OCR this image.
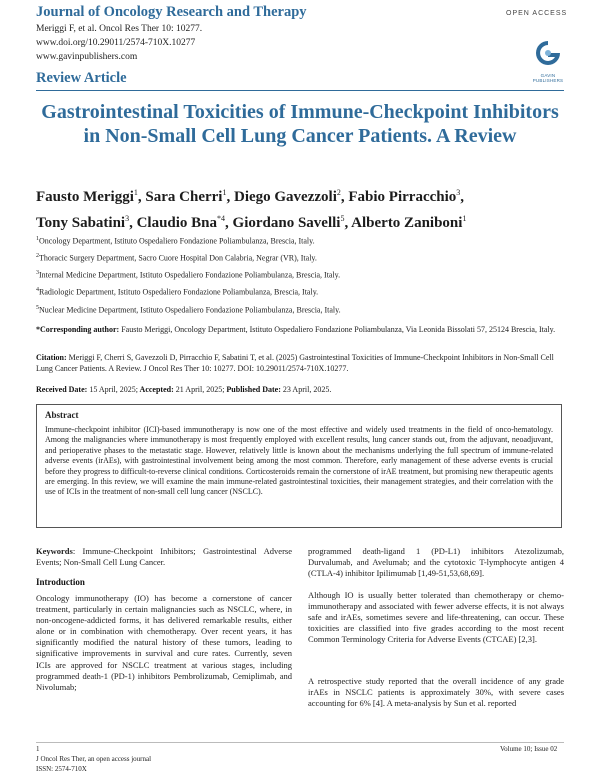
Journal of Oncology Research and Therapy
Meriggi F, et al. Oncol Res Ther 10: 10277.
www.doi.org/10.29011/2574-710X.10277
www.gavinpublishers.com
OPEN ACCESS
GAVIN PUBLISHERS
Review Article
Gastrointestinal Toxicities of Immune-Checkpoint Inhibitors in Non-Small Cell Lung Cancer Patients. A Review
Fausto Meriggi$^1$, Sara Cherri$^1$, Diego Gavezzoli$^2$, Fabio Pirracchio$^3$,
Tony Sabatini$^3$, Claudio Bna$^{*4}$, Giordano Savelli$^5$, Alberto Zaniboni$^1$
$^1$Oncology Department, Istituto Ospedaliero Fondazione Poliambulanza, Brescia, Italy.
$^2$Thoracic Surgery Department, Sacro Cuore Hospital Don Calabria, Negrar (VR), Italy.
$^3$Internal Medicine Department, Istituto Ospedaliero Fondazione Poliambulanza, Brescia, Italy.
$^4$Radiologic Department, Istituto Ospedaliero Fondazione Poliambulanza, Brescia, Italy.
$^5$Nuclear Medicine Department, Istituto Ospedaliero Fondazione Poliambulanza, Brescia, Italy.
*Corresponding author: Fausto Meriggi, Oncology Department, Istituto Ospedaliero Fondazione Poliambulanza, Via Leonida Bissolati 57, 25124 Brescia, Italy.
Citation: Meriggi F, Cherri S, Gavezzoli D, Pirracchio F, Sabatini T, et al. (2025) Gastrointestinal Toxicities of Immune-Checkpoint Inhibitors in Non-Small Cell Lung Cancer Patients. A Review. J Oncol Res Ther 10: 10277. DOI: 10.29011/2574-710X.10277.
Received Date: 15 April, 2025; Accepted: 21 April, 2025; Published Date: 23 April, 2025.
Abstract
Immune-checkpoint inhibitor (ICI)-based immunotherapy is now one of the most effective and widely used treatments in the field of onco-hematology. Among the malignancies where immunotherapy is most frequently employed with excellent results, lung cancer stands out, from the adjuvant, neoadjuvant, and perioperative phases to the metastatic stage. However, relatively little is known about the mechanisms underlying the full spectrum of immune-related adverse events (irAEs), with gastrointestinal involvement being among the most common. Therefore, early management of these adverse events is crucial before they progress to difficult-to-reverse clinical conditions. Corticosteroids remain the cornerstone of irAE treatment, but promising new therapeutic agents are emerging. In this review, we will examine the main immune-related gastrointestinal toxicities, their management strategies, and their correlation with the use of ICIs in the treatment of non-small cell lung cancer (NSCLC).
Keywords: Immune-Checkpoint Inhibitors; Gastrointestinal Adverse Events; Non-Small Cell Lung Cancer.
Introduction
Oncology immunotherapy (IO) has become a cornerstone of cancer treatment, particularly in certain malignancies such as NSCLC, where, in non-oncogene-addicted forms, it has delivered remarkable results, either alone or in combination with chemotherapy. Over recent years, it has significantly modified the natural history of these tumors, leading to significative improvements in survival and cure rates. Currently, seven ICIs are approved for NSCLC treatment at various stages, including programmed death-1 (PD-1) inhibitors Pembrolizumab, Cemiplimab, and Nivolumab;
programmed death-ligand 1 (PD-L1) inhibitors Atezolizumab, Durvalumab, and Avelumab; and the cytotoxic T-lymphocyte antigen 4 (CTLA-4) inhibitor Ipilimumab [1,49-51,53,68,69].
Although IO is usually better tolerated than chemotherapy or chemo-immunotherapy and associated with fewer adverse effects, it is not always safe and irAEs, sometimes severe and life-threatening, can occur. These toxicities are classified into five grades according to the most recent Common Terminology Criteria for Adverse Events (CTCAE) [2,3].
A retrospective study reported that the overall incidence of any grade irAEs in NSCLC patients is approximately 30%, with severe cases accounting for 6% [4]. A meta-analysis by Sun et al. reported
1	Volume 10; Issue 02
J Oncol Res Ther, an open access journal
ISSN: 2574-710X
